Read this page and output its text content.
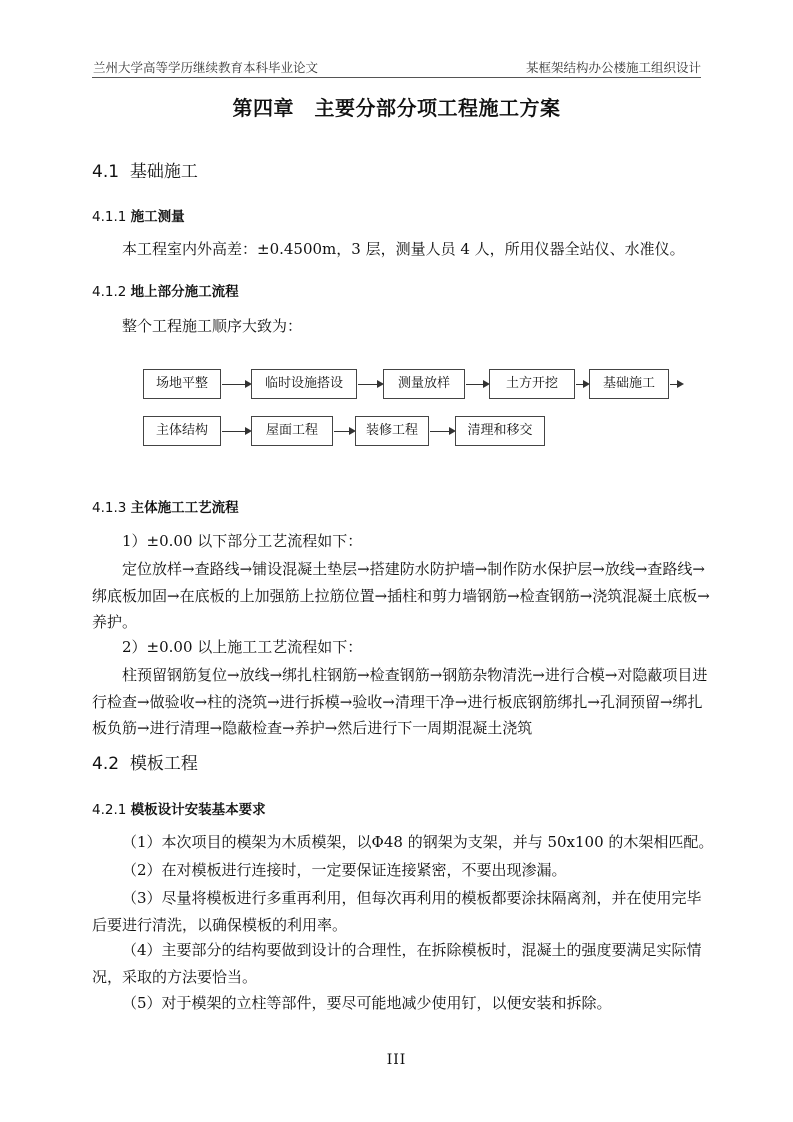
兰州大学高等学历继续教育本科毕业论文	某框架结构办公楼施工组织设计
第四章　主要分部分项工程施工方案
4.1 基础施工
4.1.1 施工测量
本工程室内外高差：±0.4500m，3 层，测量人员 4 人，所用仪器全站仪、水准仪。
4.1.2 地上部分施工流程
整个工程施工顺序大致为：
场地平整	临时设施搭设	测量放样	土方开挖	基础施工
主体结构	屋面工程	装修工程	清理和移交
4.1.3 主体施工工艺流程
1）±0.00 以下部分工艺流程如下：
定位放样→查路线→铺设混凝土垫层→搭建防水防护墙→制作防水保护层→放线→查路线→绑底板加固→在底板的上加强筋上拉筋位置→插柱和剪力墙钢筋→检查钢筋→浇筑混凝土底板→养护。
2）±0.00 以上施工工艺流程如下：
柱预留钢筋复位→放线→绑扎柱钢筋→检查钢筋→钢筋杂物清洗→进行合模→对隐蔽项目进行检查→做验收→柱的浇筑→进行拆模→验收→清理干净→进行板底钢筋绑扎→孔洞预留→绑扎板负筋→进行清理→隐蔽检查→养护→然后进行下一周期混凝土浇筑
4.2 模板工程
4.2.1 模板设计安装基本要求
（1）本次项目的模架为木质模架，以Φ48 的钢架为支架，并与 50x100 的木架相匹配。
（2）在对模板进行连接时，一定要保证连接紧密，不要出现渗漏。
（3）尽量将模板进行多重再利用，但每次再利用的模板都要涂抹隔离剂，并在使用完毕后要进行清洗，以确保模板的利用率。
（4）主要部分的结构要做到设计的合理性，在拆除模板时，混凝土的强度要满足实际情况，采取的方法要恰当。
（5）对于模架的立柱等部件，要尽可能地减少使用钉，以便安装和拆除。
III
